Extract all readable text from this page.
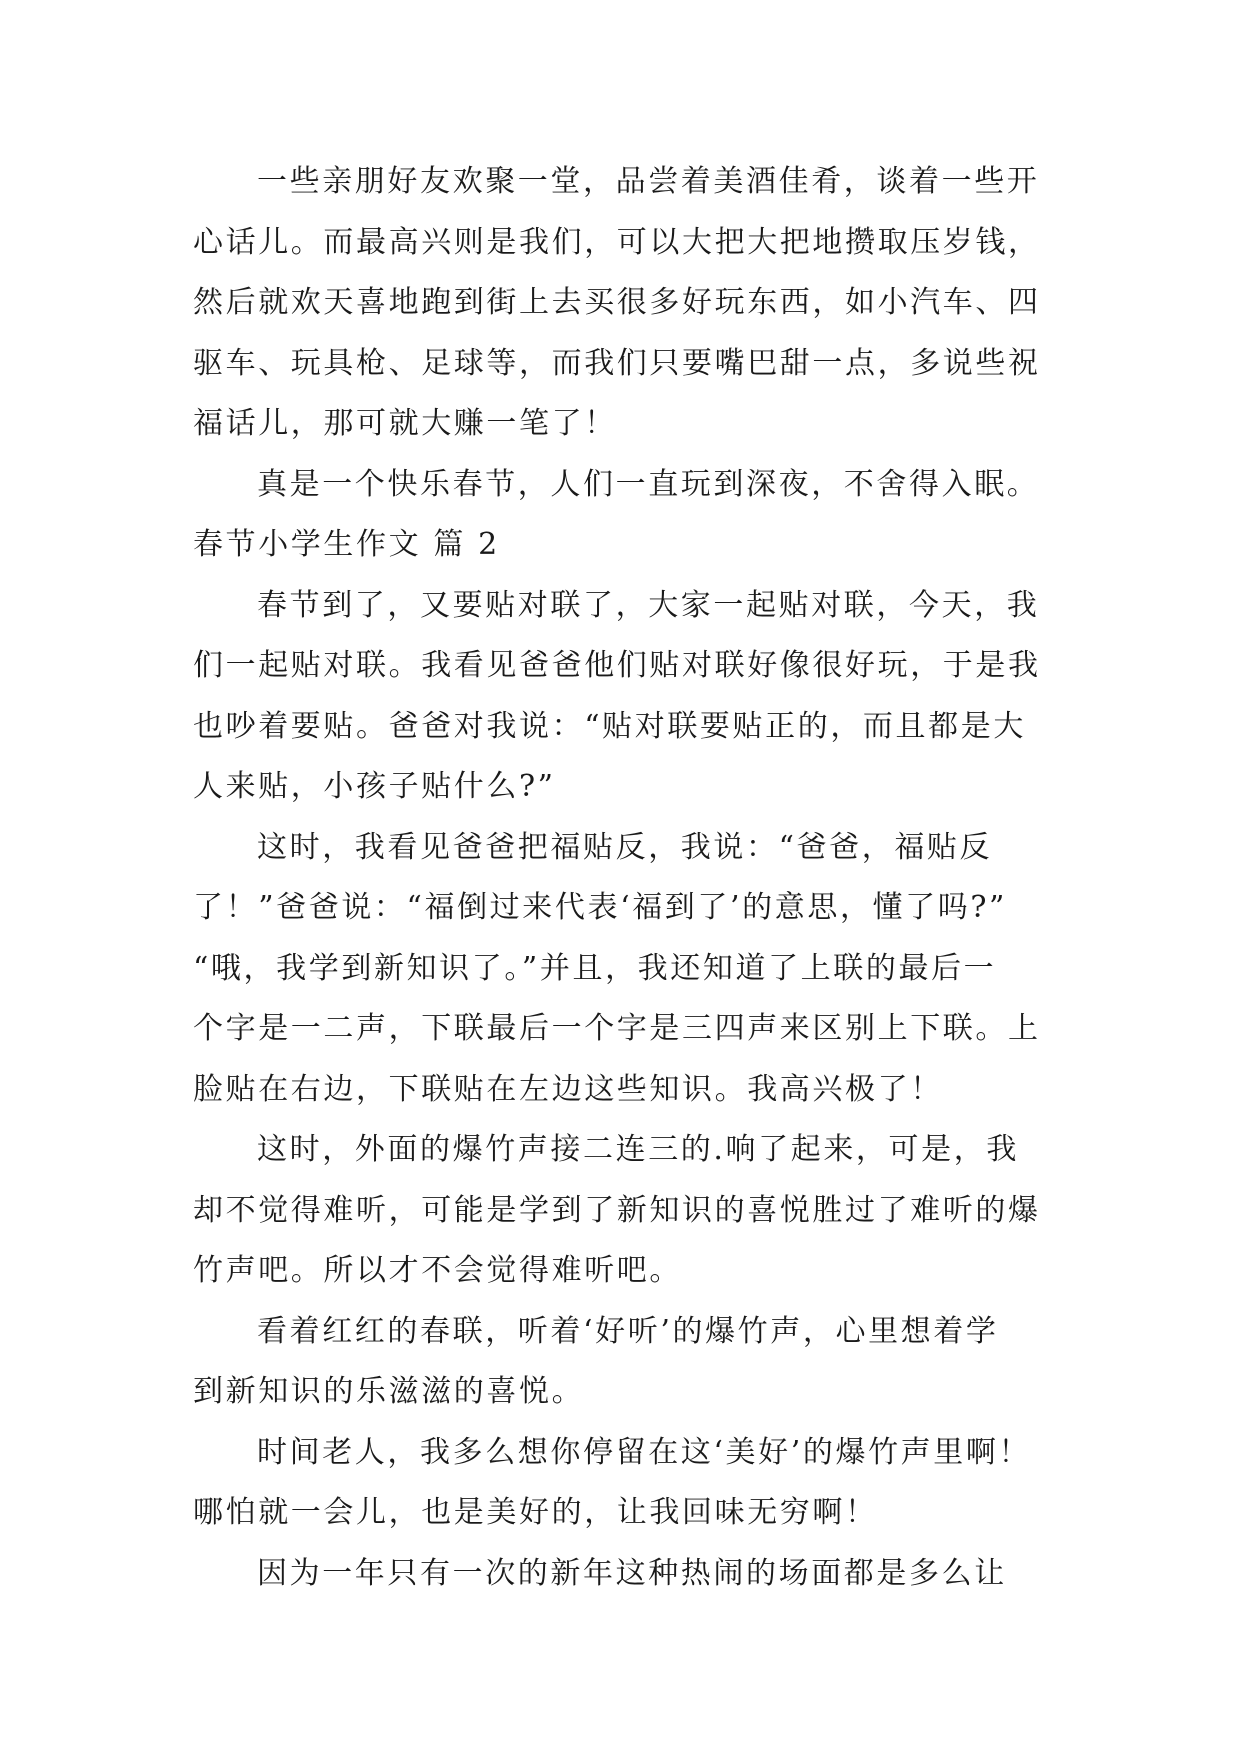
一些亲朋好友欢聚一堂，品尝着美酒佳肴，谈着一些开
心话儿。而最高兴则是我们，可以大把大把地攒取压岁钱，
然后就欢天喜地跑到街上去买很多好玩东西，如小汽车、四
驱车、玩具枪、足球等，而我们只要嘴巴甜一点，多说些祝
福话儿，那可就大赚一笔了！
真是一个快乐春节，人们一直玩到深夜，不舍得入眠。
春节小学生作文 篇 2
春节到了，又要贴对联了，大家一起贴对联，今天，我
们一起贴对联。我看见爸爸他们贴对联好像很好玩，于是我
也吵着要贴。爸爸对我说：“贴对联要贴正的，而且都是大
人来贴，小孩子贴什么?”
这时，我看见爸爸把福贴反，我说：“爸爸，福贴反
了！”爸爸说：“福倒过来代表‘福到了’的意思，懂了吗?”
“哦，我学到新知识了。”并且，我还知道了上联的最后一
个字是一二声，下联最后一个字是三四声来区别上下联。上
脸贴在右边，下联贴在左边这些知识。我高兴极了！
这时，外面的爆竹声接二连三的.响了起来，可是，我
却不觉得难听，可能是学到了新知识的喜悦胜过了难听的爆
竹声吧。所以才不会觉得难听吧。
看着红红的春联，听着‘好听’的爆竹声，心里想着学
到新知识的乐滋滋的喜悦。
时间老人，我多么想你停留在这‘美好’的爆竹声里啊！
哪怕就一会儿，也是美好的，让我回味无穷啊！
因为一年只有一次的新年这种热闹的场面都是多么让
